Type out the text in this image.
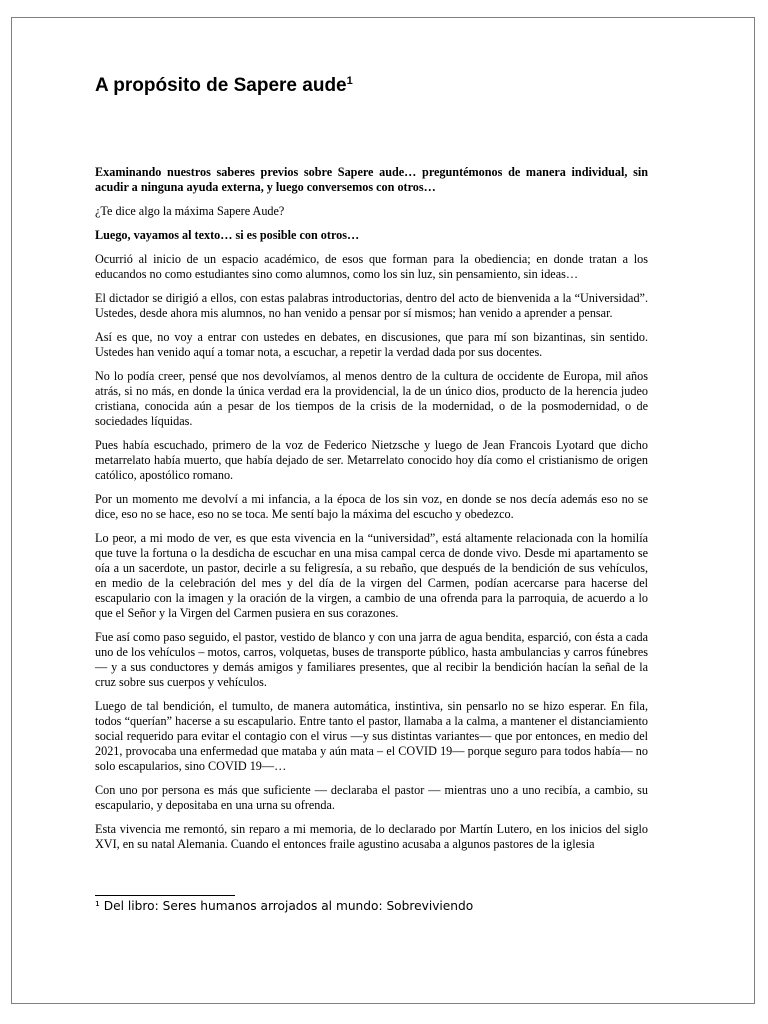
A propósito de Sapere aude$^1$

Examinando nuestros saberes previos sobre Sapere aude… preguntémonos de manera individual, sin acudir a ninguna ayuda externa, y luego conversemos con otros…

¿Te dice algo la máxima Sapere Aude?

Luego, vayamos al texto… si es posible con otros…

Ocurrió al inicio de un espacio académico, de esos que forman para la obediencia; en donde tratan a los educandos no como estudiantes sino como alumnos, como los sin luz, sin pensamiento, sin ideas…

El dictador se dirigió a ellos, con estas palabras introductorias, dentro del acto de bienvenida a la “Universidad”. Ustedes, desde ahora mis alumnos, no han venido a pensar por sí mismos; han venido a aprender a pensar.

Así es que, no voy a entrar con ustedes en debates, en discusiones, que para mí son bizantinas, sin sentido. Ustedes han venido aquí a tomar nota, a escuchar, a repetir la verdad dada por sus docentes.

No lo podía creer, pensé que nos devolvíamos, al menos dentro de la cultura de occidente de Europa, mil años atrás, si no más, en donde la única verdad era la providencial, la de un único dios, producto de la herencia judeo cristiana, conocida aún a pesar de los tiempos de la crisis de la modernidad, o de la posmodernidad, o de sociedades líquidas.

Pues había escuchado, primero de la voz de Federico Nietzsche y luego de Jean Francois Lyotard que dicho metarrelato había muerto, que había dejado de ser. Metarrelato conocido hoy día como el cristianismo de origen católico, apostólico romano.

Por un momento me devolví a mi infancia, a la época de los sin voz, en donde se nos decía además eso no se dice, eso no se hace, eso no se toca. Me sentí bajo la máxima del escucho y obedezco.

Lo peor, a mi modo de ver, es que esta vivencia en la “universidad”, está altamente relacionada con la homilía que tuve la fortuna o la desdicha de escuchar en una misa campal cerca de donde vivo. Desde mi apartamento se oía a un sacerdote, un pastor, decirle a su feligresía, a su rebaño, que después de la bendición de sus vehículos, en medio de la celebración del mes y del día de la virgen del Carmen, podían acercarse para hacerse del escapulario con la imagen y la oración de la virgen, a cambio de una ofrenda para la parroquia, de acuerdo a lo que el Señor y la Virgen del Carmen pusiera en sus corazones.

Fue así como paso seguido, el pastor, vestido de blanco y con una jarra de agua bendita, esparció, con ésta a cada uno de los vehículos – motos, carros, volquetas, buses de transporte público, hasta ambulancias y carros fúnebres— y a sus conductores y demás amigos y familiares presentes, que al recibir la bendición hacían la señal de la cruz sobre sus cuerpos y vehículos.

Luego de tal bendición, el tumulto, de manera automática, instintiva, sin pensarlo no se hizo esperar. En fila, todos “querían” hacerse a su escapulario. Entre tanto el pastor, llamaba a la calma, a mantener el distanciamiento social requerido para evitar el contagio con el virus —y sus distintas variantes— que por entonces, en medio del 2021, provocaba una enfermedad que mataba y aún mata – el COVID 19— porque seguro para todos había— no solo escapularios, sino COVID 19—…

Con uno por persona es más que suficiente — declaraba el pastor — mientras uno a uno recibía, a cambio, su escapulario, y depositaba en una urna su ofrenda.

Esta vivencia me remontó, sin reparo a mi memoria, de lo declarado por Martín Lutero, en los inicios del siglo XVI, en su natal Alemania. Cuando el entonces fraile agustino acusaba a algunos pastores de la iglesia

¹ Del libro: Seres humanos arrojados al mundo: Sobreviviendo
